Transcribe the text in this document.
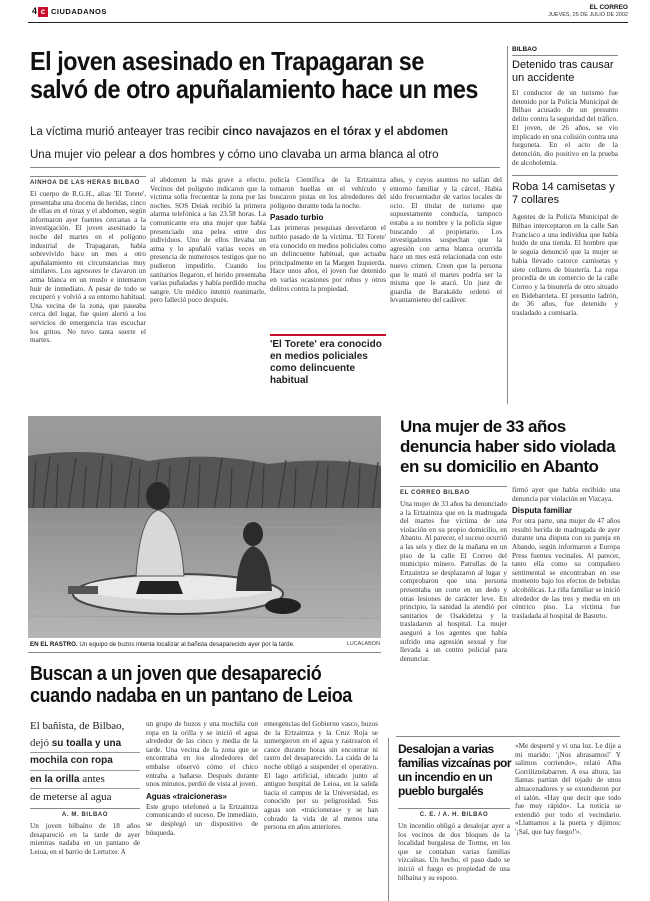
4 c CIUDADANOS	EL CORREO
JUEVES, 25 DE JULIO DE 2002
El joven asesinado en Trapagaran se
salvó de otro apuñalamiento hace un mes
La víctima murió anteayer tras recibir cinco navajazos en el tórax y el abdomen
Una mujer vio pelear a dos hombres y cómo uno clavaba un arma blanca al otro
AINHOA DE LAS HERAS BILBAO

El cuerpo de R.G.H., alias 'El Torete', presentaba una docena de heridas, cinco de ellas en el tórax y el abdomen, según informaron ayer fuentes cercanas a la investigación. El joven asesinado la noche del martes en el polígono industrial de Trapagaran, había sobrevivido hace un mes a otro apuñalamiento en circunstancias muy similares. Los agresores le clavaron un arma blanca en un muslo e intentaron huir de inmediato. A pesar de todo se recuperó y volvió a su entorno habitual. Una vecina de la zona, que paseaba cerca del lugar, fue quien alertó a los servicios de emergencia tras escuchar los gritos. No tuvo tanta suerte el martes.

al abdomen la más grave a efecto. Vecinos del polígono indicaron que la víctima solía frecuentar la zona por las noches. SOS Deiak recibió la primera alarma telefónica a las 23.58 horas. La comunicante era una mujer que había presenciado una pelea entre dos individuos. Uno de ellos llevaba un arma y lo apuñaló varias veces en presencia de numerosos testigos que no pudieron impedirlo. Cuando los sanitarios llegaron, el herido presentaba varias puñaladas y había perdido mucha sangre. Un médico intentó reanimarle, pero falleció poco después.

policía Científica de la Ertzaintza tomaron huellas en el vehículo y buscaron pistas en los alrededores del polígono durante toda la noche.

Pasado turbio

Las primeras pesquisas desvelaron el turbio pasado de la víctima. 'El Torete' era conocido en medios policiales como un delincuente habitual, que actuaba principalmente en la Margen Izquierda. Hace unos años, el joven fue detenido en varias ocasiones por robos y otros delitos contra la propiedad.

'El Torete' era conocido en medios policiales como delincuente habitual

años, y cuyos asuntos no salían del entorno familiar y la cárcel. Había sido frecuentador de varios locales de ocio. El titular de turismo que supuestamente conducía, tampoco estaba a su nombre y la policía sigue buscando al propietario. Los investigadores sospechan que la agresión con arma blanca ocurrida hace un mes está relacionada con este nuevo crimen. Creen que la persona que le mató el martes podría ser la misma que le atacó. Un juez de guardia de Barakaldo ordenó el levantamiento del cadáver.

BILBAO
Detenido tras causar un accidente

El conductor de un turismo fue detenido por la Policía Municipal de Bilbao acusado de un presunto delito contra la seguridad del tráfico. El joven, de 26 años, se vio implicado en una colisión contra una furgoneta. En el acto de la detención, dio positivo en la prueba de alcoholemia.

Roba 14 camisetas y 7 collares

Agentes de la Policía Municipal de Bilbao interceptaron en la calle San Francisco a una individua que había huido de una tienda. El hombre que le seguía denunció que la mujer se había llevado catorce camisetas y siete collares de bisutería. La ropa procedía de un comercio de la calle Correo y la bisutería de otro situado en Bidebarrieta. El presunto ladrón, de 36 años, fue detenido y trasladado a comisaría.

EN EL RASTRO. Un equipo de buzos intenta localizar al bañista desaparecido ayer por la tarde.	LUCALABON
Una mujer de 33 años denuncia haber sido violada en su domicilio en Abanto
EL CORREO BILBAO

Una mujer de 33 años ha denunciado a la Ertzaintza que en la madrugada del martes fue víctima de una violación en su propio domicilio, en Abanto. Al parecer, el suceso ocurrió a las seis y diez de la mañana en un piso de la calle El Correo del municipio minero. Patrullas de la Ertzaintza se desplazaron al lugar y comprobaron que una persona presentaba un corte en un dedo y otras lesiones de carácter leve. En principio, la sanidad la atendió por sanitarios de Osakidetza y la trasladaron al hospital. La mujer aseguró a los agentes que había sufrido una agresión sexual y fue llevada a un centro policial para denunciar.

firmó ayer que había recibido una denuncia por violación en Vizcaya.

Disputa familiar

Por otra parte, una mujer de 47 años resultó herida de madrugada de ayer durante una disputa con su pareja en Abando, según informaron a Europa Press fuentes vecinales. Al parecer, tanto ella como su compañero sentimental se encontraban en ese momento bajo los efectos de bebidas alcohólicas. La riña familiar se inició alrededor de las tres y media en un céntrico piso. La víctima fue trasladada al hospital de Basurto.

Buscan a un joven que desapareció
cuando nadaba en un pantano de Leioa
El bañista, de Bilbao,
dejó su toalla y una
mochila con ropa
en la orilla antes
de meterse al agua
A. M. BILBAO

Un joven bilbaíno de 18 años desapareció en la tarde de ayer mientras nadaba en un pantano de Leioa, en el barrio de Lertutxe. A

un grupo de buzos y una mochila con ropa en la orilla y se inició el agua alrededor de las cinco y media de la tarde. Una vecina de la zona que se encontraba en los alrededores del embalse observó cómo el chico entraba a bañarse. Después durante unos minutos, perdió de vista al joven.

Aguas «traicioneras»

Este grupo telefoneó a la Ertzaintza comunicando el suceso. De inmediato, se desplegó un dispositivo de búsqueda.

emergencias del Gobierno vasco, buzos de la Ertzaintza y la Cruz Roja se sumergieron en el agua y rastrearon el cauce durante horas sin encontrar ni rastro del desaparecido. La caída de la noche obligó a suspender el operativo. El lago artificial, ubicado junto al antiguo hospital de Leioa, en la salida hacia el campus de la Universidad, es conocido por su peligrosidad. Sus aguas son «traicioneras» y se han cobrado la vida de al menos una persona en años anteriores.

Desalojan a varias familias vizcaínas por un incendio en un pueblo burgalés
C. E. / A. H. BILBAO

Un incendio obligó a desalojar ayer a los vecinos de dos bloques de la localidad burgalesa de Torme, en los que se contaban varias familias vizcaínas. Un hecho, el paso dado se inició el fuego es propiedad de una bilbaína y su esposo.

«Me desperté y vi una luz. Le dije a mi marido: '¡Nos abrasamos!' Y salimos corriendo», relató Alba Gorriliztelabarren. A esa altura, las llamas partían del tejado de unos almacenadores y se extendieron por el salón. «Hay que decir que todo fue muy rápido». La noticia se extendió por todo el vecindario. «Llamamos a la puerta y dijimos: '¡Sal, que hay fuego!'».
